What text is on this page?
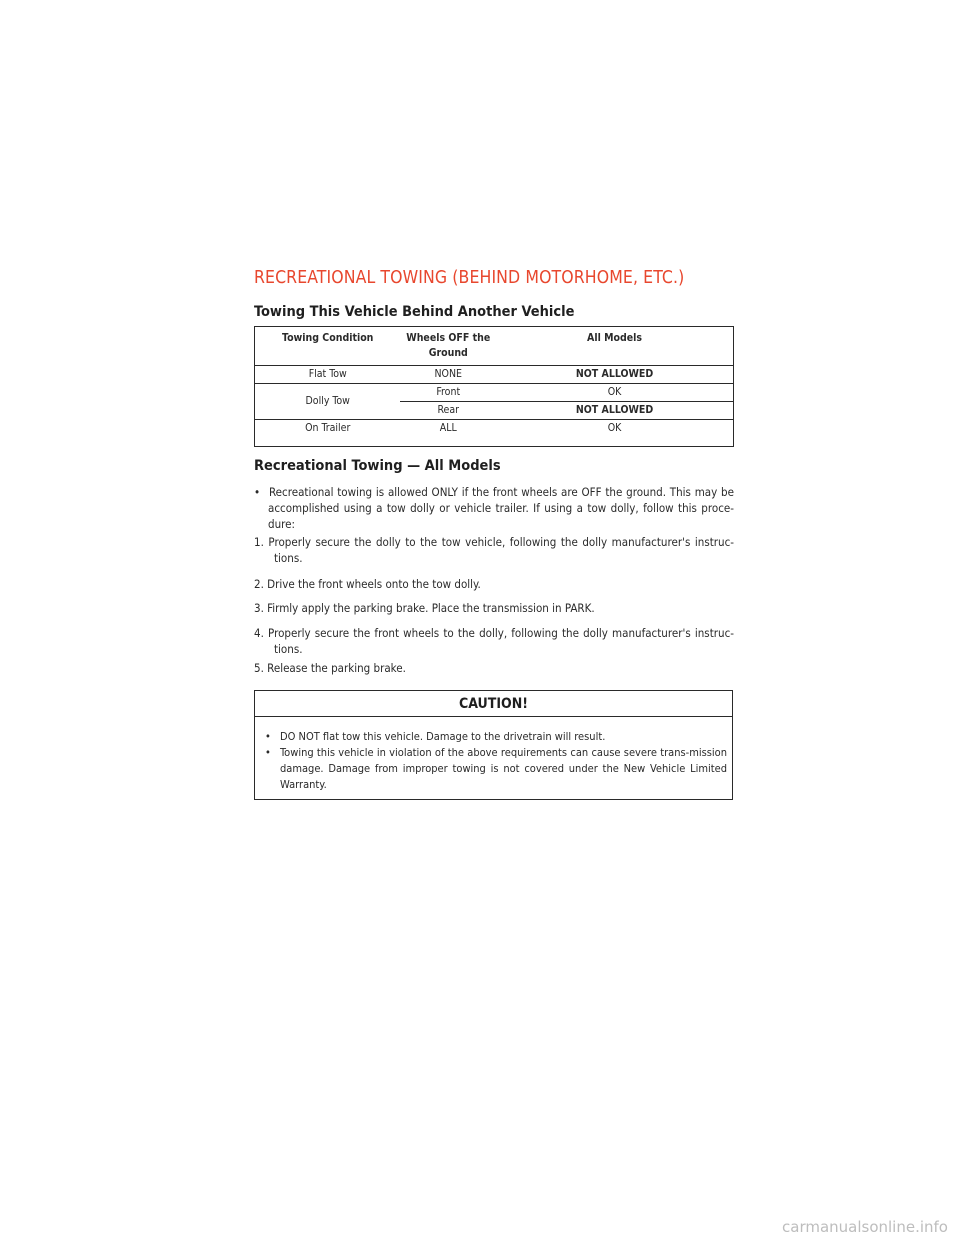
RECREATIONAL TOWING (BEHIND MOTORHOME, ETC.)
Towing This Vehicle Behind Another Vehicle
Towing Condition	Wheels OFF the Ground	All Models
Flat Tow	NONE	NOT ALLOWED
Dolly Tow	Front	OK
	Rear	NOT ALLOWED
On Trailer	ALL	OK
Recreational Towing — All Models
• Recreational towing is allowed ONLY if the front wheels are OFF the ground. This may be accomplished using a tow dolly or vehicle trailer. If using a tow dolly, follow this proce-dure:
1. Properly secure the dolly to the tow vehicle, following the dolly manufacturer's instruc-tions.
2. Drive the front wheels onto the tow dolly.
3. Firmly apply the parking brake. Place the transmission in PARK.
4. Properly secure the front wheels to the dolly, following the dolly manufacturer's instruc-tions.
5. Release the parking brake.
CAUTION!
• DO NOT flat tow this vehicle. Damage to the drivetrain will result.
• Towing this vehicle in violation of the above requirements can cause severe trans-mission damage. Damage from improper towing is not covered under the New Vehicle Limited Warranty.
carmanualsonline.info
